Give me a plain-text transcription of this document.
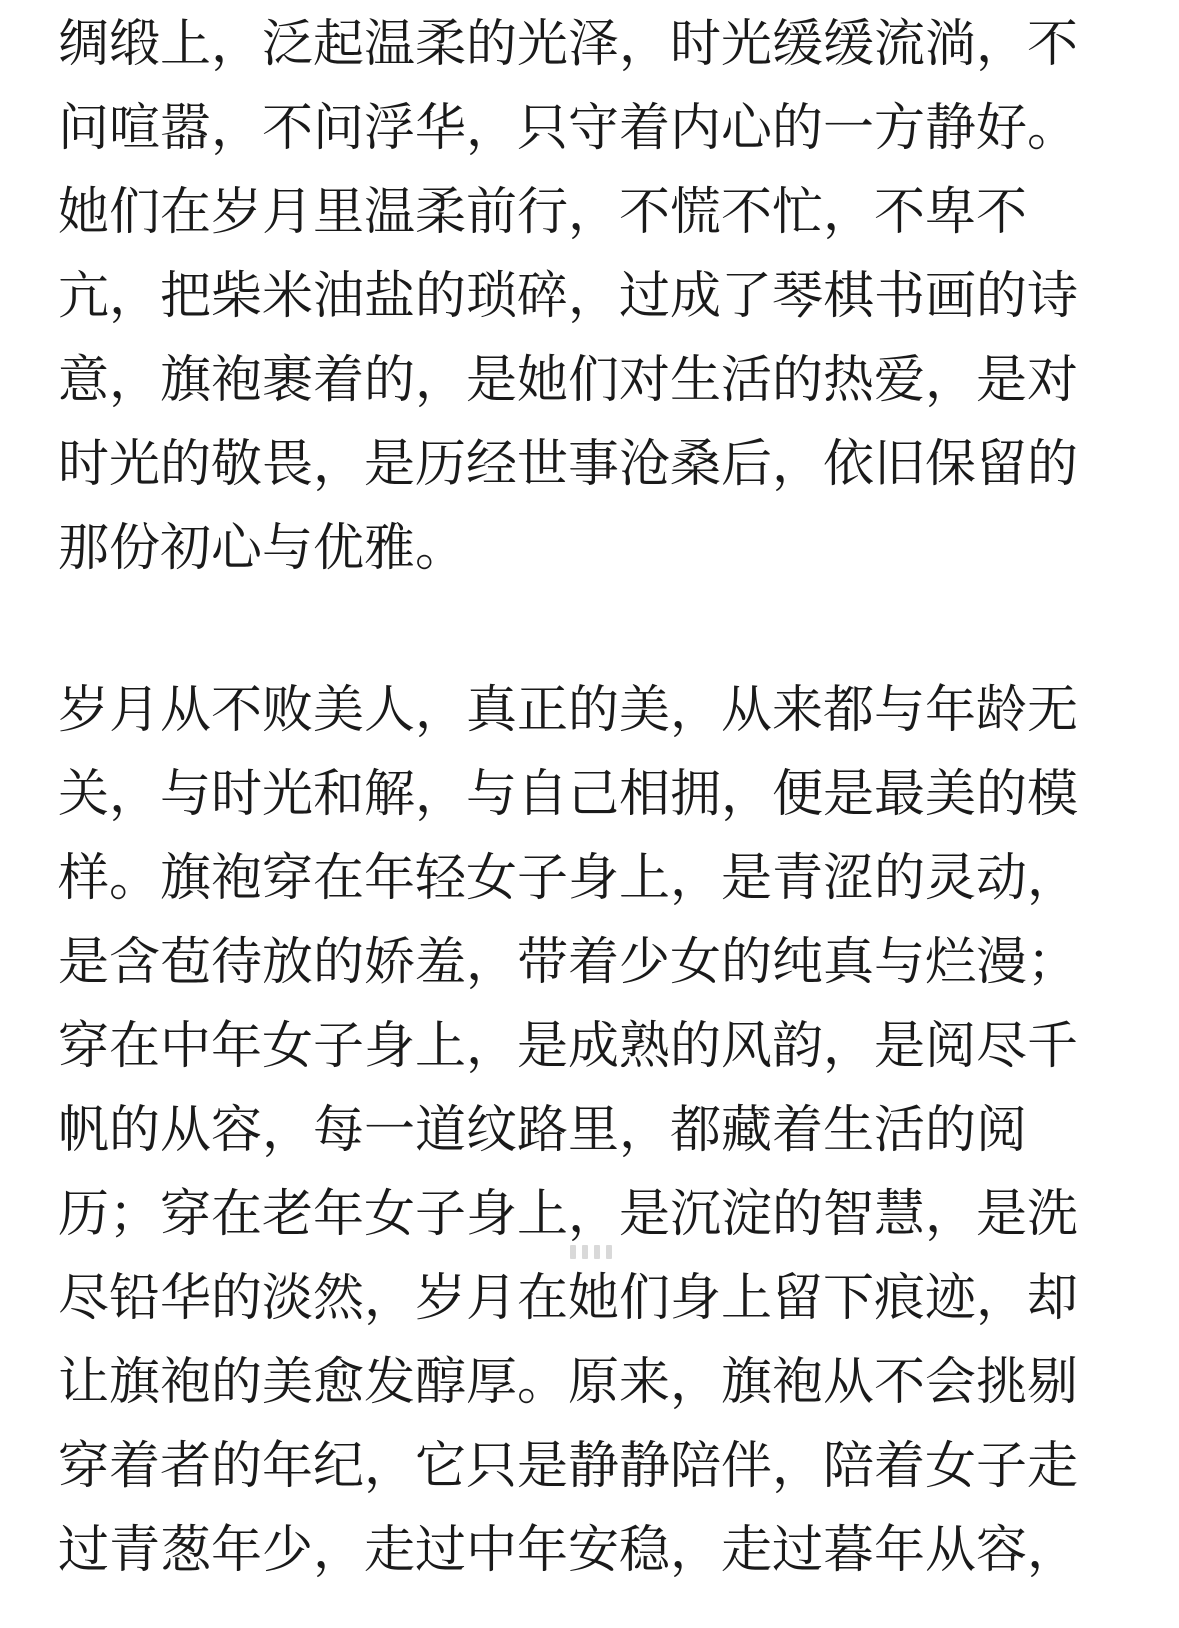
绸缎上，泛起温柔的光泽，时光缓缓流淌，不
问喧嚣，不问浮华，只守着内心的一方静好。
她们在岁月里温柔前行，不慌不忙，不卑不
亢，把柴米油盐的琐碎，过成了琴棋书画的诗
意，旗袍裹着的，是她们对生活的热爱，是对
时光的敬畏，是历经世事沧桑后，依旧保留的
那份初心与优雅。
岁月从不败美人，真正的美，从来都与年龄无
关，与时光和解，与自己相拥，便是最美的模
样。旗袍穿在年轻女子身上，是青涩的灵动，
是含苞待放的娇羞，带着少女的纯真与烂漫；
穿在中年女子身上，是成熟的风韵，是阅尽千
帆的从容，每一道纹路里，都藏着生活的阅
历；穿在老年女子身上，是沉淀的智慧，是洗
尽铅华的淡然，岁月在她们身上留下痕迹，却
让旗袍的美愈发醇厚。原来，旗袍从不会挑剔
穿着者的年纪，它只是静静陪伴，陪着女子走
过青葱年少，走过中年安稳，走过暮年从容，
